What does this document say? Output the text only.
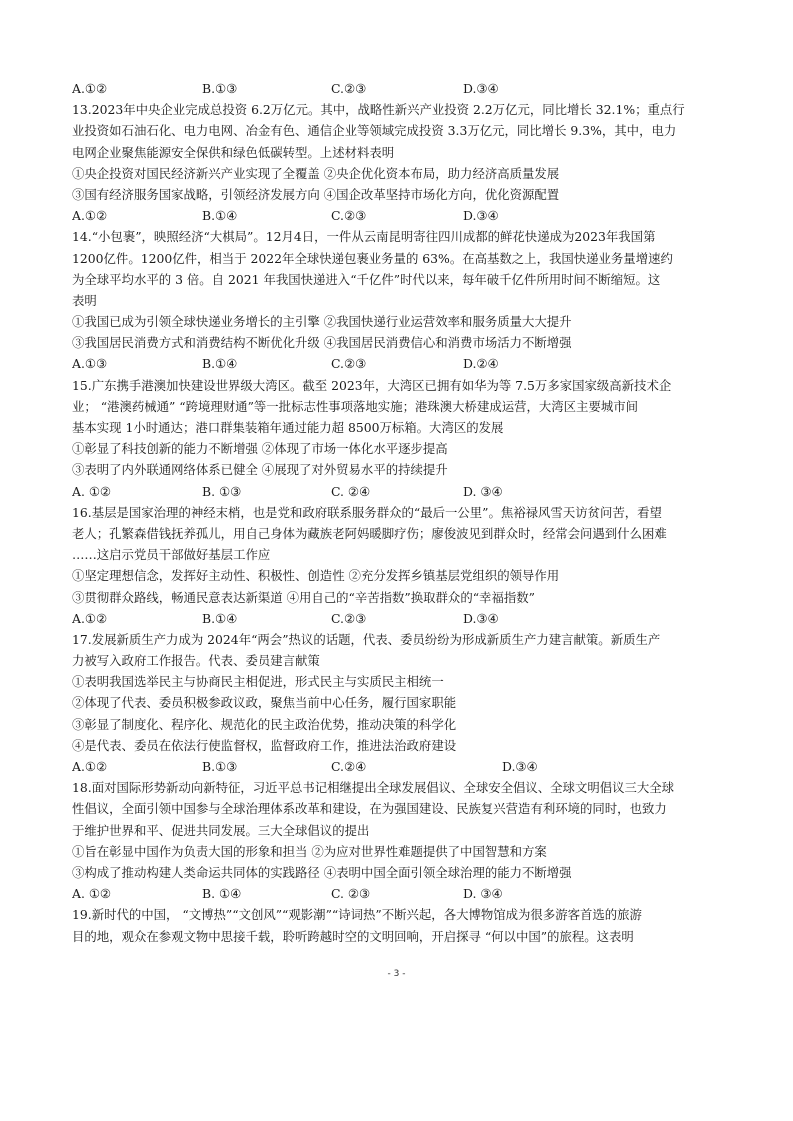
A.①②	B.①③	C.②③	D.③④
13.2023年中央企业完成总投资 6.2万亿元。其中，战略性新兴产业投资 2.2万亿元，同比增长 32.1%；重点行
业投资如石油石化、电力电网、冶金有色、通信企业等领域完成投资 3.3万亿元，同比增长 9.3%，其中，电力
电网企业聚焦能源安全保供和绿色低碳转型。上述材料表明
①央企投资对国民经济新兴产业实现了全覆盖 ②央企优化资本布局，助力经济高质量发展
③国有经济服务国家战略，引领经济发展方向 ④国企改革坚持市场化方向，优化资源配置
A.①②	B.①④	C.②③	D.③④
14.“小包裹”，映照经济“大棋局”。12月4日，一件从云南昆明寄往四川成都的鲜花快递成为2023年我国第
1200亿件。1200亿件，相当于 2022年全球快递包裹业务量的 63%。在高基数之上，我国快递业务量增速约
为全球平均水平的 3 倍。自 2021 年我国快递进入“千亿件”时代以来，每年破千亿件所用时间不断缩短。这
表明
①我国已成为引领全球快递业务增长的主引擎 ②我国快递行业运营效率和服务质量大大提升
③我国居民消费方式和消费结构不断优化升级 ④我国居民消费信心和消费市场活力不断增强
A.①③	B.①④	C.②③	D.②④
15.广东携手港澳加快建设世界级大湾区。截至 2023年，大湾区已拥有如华为等 7.5万多家国家级高新技术企
业； “港澳药械通” “跨境理财通”等一批标志性事项落地实施；港珠澳大桥建成运营，大湾区主要城市间
基本实现 1小时通达；港口群集装箱年通过能力超 8500万标箱。大湾区的发展
①彰显了科技创新的能力不断增强 ②体现了市场一体化水平逐步提高
③表明了内外联通网络体系已健全 ④展现了对外贸易水平的持续提升
A. ①②	B. ①③	C. ②④	D. ③④
16.基层是国家治理的神经末梢，也是党和政府联系服务群众的“最后一公里”。焦裕禄风雪天访贫问苦，看望
老人；孔繁森借钱抚养孤儿，用自己身体为藏族老阿妈暖脚疗伤；廖俊波见到群众时，经常会问遇到什么困难
……这启示党员干部做好基层工作应
①坚定理想信念，发挥好主动性、积极性、创造性 ②充分发挥乡镇基层党组织的领导作用
③贯彻群众路线，畅通民意表达新渠道 ④用自己的“辛苦指数”换取群众的“幸福指数”
A.①②	B.①④	C.②③	D.③④
17.发展新质生产力成为 2024年“两会”热议的话题，代表、委员纷纷为形成新质生产力建言献策。新质生产
力被写入政府工作报告。代表、委员建言献策
①表明我国选举民主与协商民主相促进，形式民主与实质民主相统一
②体现了代表、委员积极参政议政，聚焦当前中心任务，履行国家职能
③彰显了制度化、程序化、规范化的民主政治优势，推动决策的科学化
④是代表、委员在依法行使监督权，监督政府工作，推进法治政府建设
A.①②	B.①③	C.②④	D.③④
18.面对国际形势新动向新特征，习近平总书记相继提出全球发展倡议、全球安全倡议、全球文明倡议三大全球
性倡议，全面引领中国参与全球治理体系改革和建设，在为强国建设、民族复兴营造有利环境的同时，也致力
于维护世界和平、促进共同发展。三大全球倡议的提出
①旨在彰显中国作为负责大国的形象和担当 ②为应对世界性难题提供了中国智慧和方案
③构成了推动构建人类命运共同体的实践路径 ④表明中国全面引领全球治理的能力不断增强
A. ①②	B. ①④	C. ②③	D. ③④
19.新时代的中国， “文博热”“文创风”“观影潮”“诗词热”不断兴起，各大博物馆成为很多游客首选的旅游
目的地，观众在参观文物中思接千载，聆听跨越时空的文明回响，开启探寻 “何以中国”的旅程。这表明
- 3 -
